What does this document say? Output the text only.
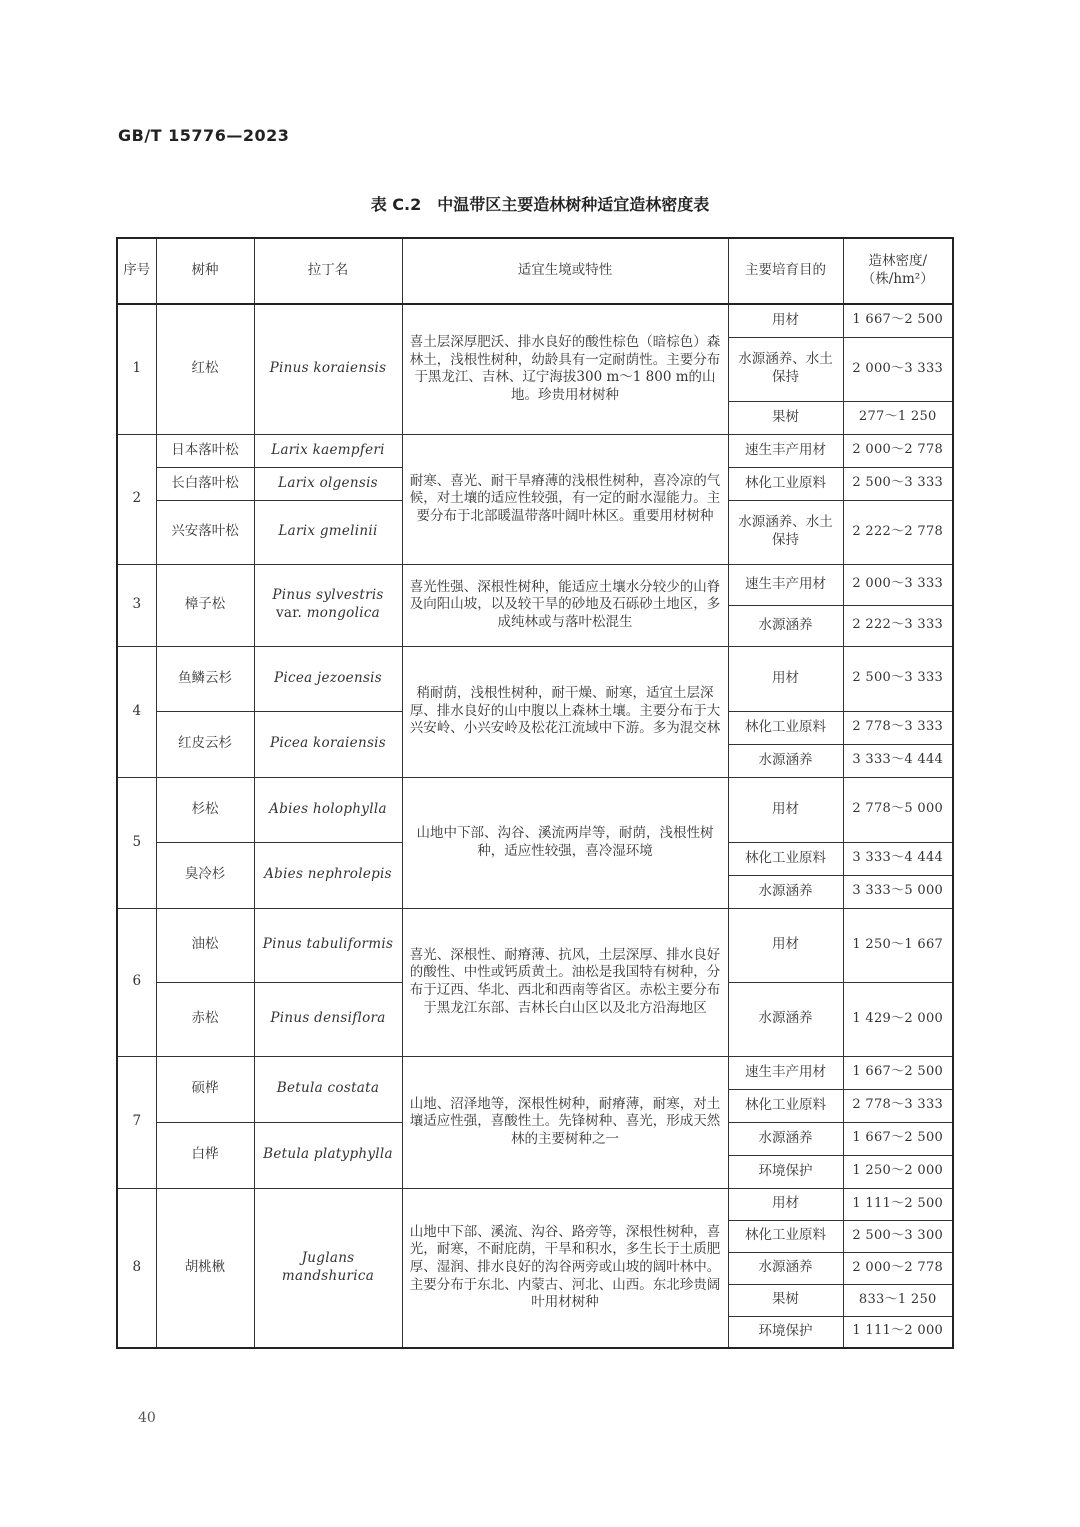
GB/T 15776—2023
表 C.2　中温带区主要造林树种适宜造林密度表
序号	树种	拉丁名	适宜生境或特性	主要培育目的	造林密度/（株/hm²）
1	红松	Pinus koraiensis	喜土层深厚肥沃、排水良好的酸性棕色（暗棕色）森林土，浅根性树种，幼龄具有一定耐荫性。主要分布于黑龙江、吉林、辽宁海拔300 m～1 800 m的山地。珍贵用材树种	用材	1 667～2 500
				水源涵养、水土保持	2 000～3 333
				果树	277～1 250
2	日本落叶松	Larix kaempferi	耐寒、喜光、耐干旱瘠薄的浅根性树种，喜冷凉的气候，对土壤的适应性较强，有一定的耐水湿能力。主要分布于北部暖温带落叶阔叶林区。重要用材树种	速生丰产用材	2 000～2 778
	长白落叶松	Larix olgensis		林化工业原料	2 500～3 333
	兴安落叶松	Larix gmelinii		水源涵养、水土保持	2 222～2 778
3	樟子松	Pinus sylvestris
var. mongolica	喜光性强、深根性树种，能适应土壤水分较少的山脊及向阳山坡，以及较干旱的砂地及石砾砂土地区，多成纯林或与落叶松混生	速生丰产用材	2 000～3 333
				水源涵养	2 222～3 333
4	鱼鳞云杉	Picea jezoensis	稍耐荫，浅根性树种，耐干燥、耐寒，适宜土层深厚、排水良好的山中腹以上森林土壤。主要分布于大兴安岭、小兴安岭及松花江流域中下游。多为混交林	用材	2 500～3 333
	红皮云杉	Picea koraiensis		林化工业原料	2 778～3 333
				水源涵养	3 333～4 444
5	杉松	Abies holophylla	山地中下部、沟谷、溪流两岸等，耐荫，浅根性树种，适应性较强，喜冷湿环境	用材	2 778～5 000
	臭冷杉	Abies nephrolepis		林化工业原料	3 333～4 444
				水源涵养	3 333～5 000
6	油松	Pinus tabuliformis	喜光、深根性、耐瘠薄、抗风，土层深厚、排水良好的酸性、中性或钙质黄土。油松是我国特有树种，分布于辽西、华北、西北和西南等省区。赤松主要分布于黑龙江东部、吉林长白山区以及北方沿海地区	用材	1 250～1 667
	赤松	Pinus densiflora		水源涵养	1 429～2 000
7	硕桦	Betula costata	山地、沼泽地等，深根性树种，耐瘠薄，耐寒，对土壤适应性强，喜酸性土。先锋树种、喜光，形成天然林的主要树种之一	速生丰产用材	1 667～2 500
				林化工业原料	2 778～3 333
	白桦	Betula platyphylla		水源涵养	1 667～2 500
				环境保护	1 250～2 000
8	胡桃楸	Juglans
mandshurica	山地中下部、溪流、沟谷、路旁等，深根性树种，喜光，耐寒，不耐庇荫，干旱和积水，多生长于土质肥厚、湿润、排水良好的沟谷两旁或山坡的阔叶林中。主要分布于东北、内蒙古、河北、山西。东北珍贵阔叶用材树种	用材	1 111～2 500
				林化工业原料	2 500～3 300
				水源涵养	2 000～2 778
				果树	833～1 250
				环境保护	1 111～2 000
40
